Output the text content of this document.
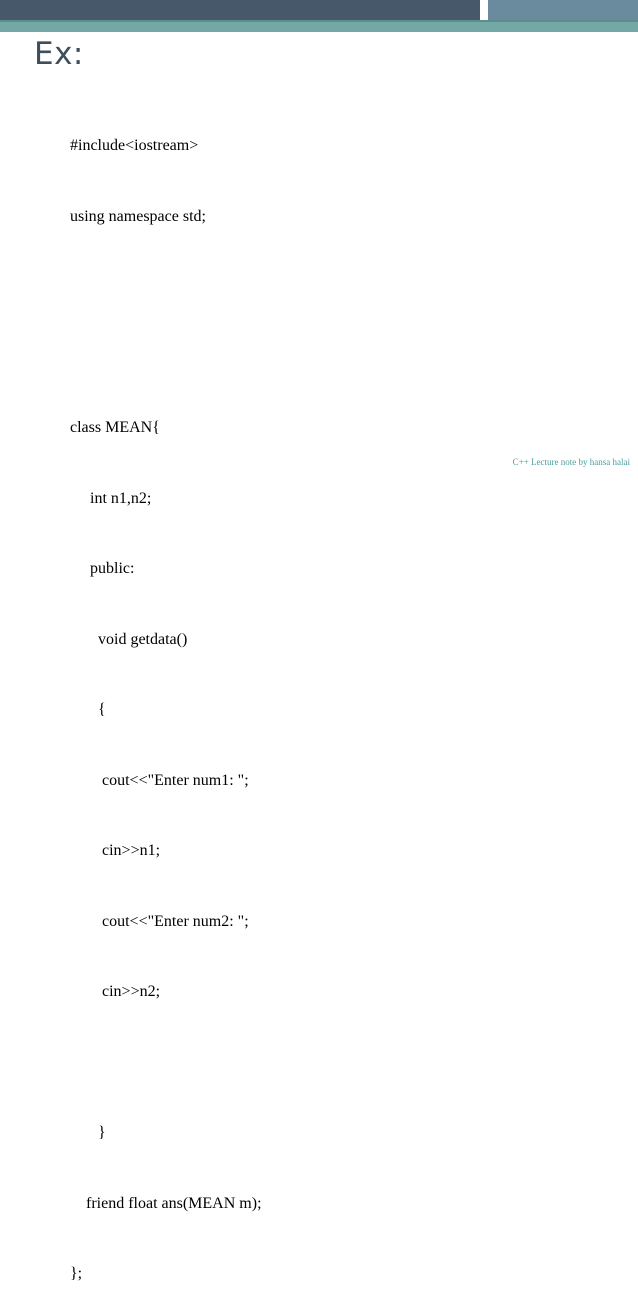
Ex:

#include<iostream>

using namespace std;

class MEAN{

int n1,n2;

public:

void getdata()

{

cout<<"Enter num1: ";

cin>>n1;

cout<<"Enter num2: ";

cin>>n2;

}

friend float ans(MEAN m);

};

C++ Lecture note by hansa halai
